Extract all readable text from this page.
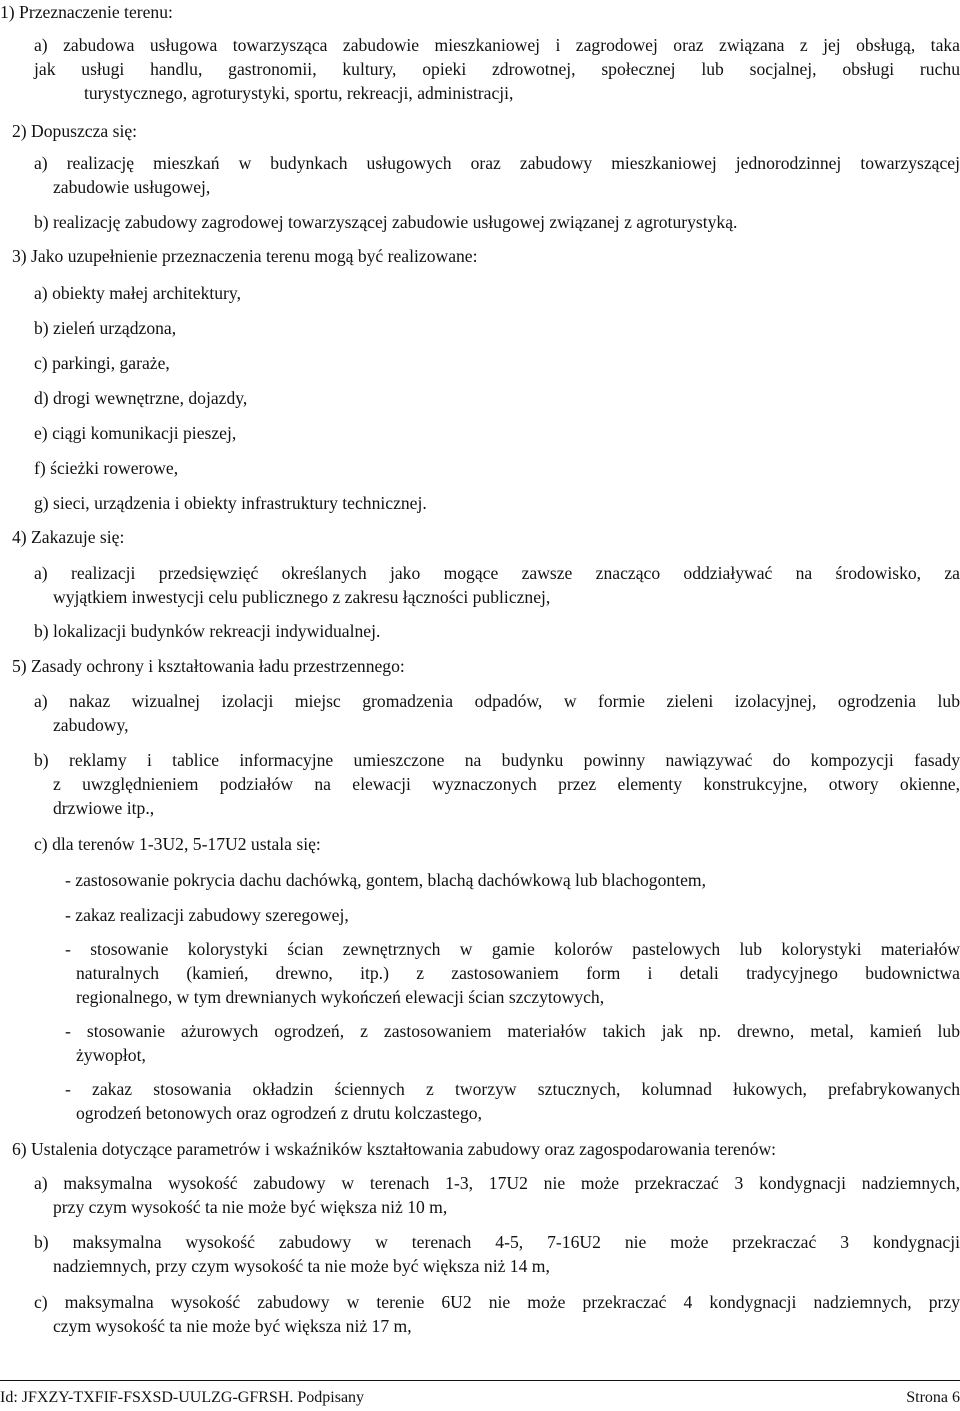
1) Przeznaczenie terenu:
a) zabudowa usługowa towarzysząca zabudowie mieszkaniowej i zagrodowej oraz związana z jej obsługą, taka
jak usługi handlu, gastronomii, kultury, opieki zdrowotnej, społecznej lub socjalnej, obsługi ruchu
turystycznego, agroturystyki, sportu, rekreacji, administracji,
2) Dopuszcza się:
a) realizację mieszkań w budynkach usługowych oraz zabudowy mieszkaniowej jednorodzinnej towarzyszącej
zabudowie usługowej,
b) realizację zabudowy zagrodowej towarzyszącej zabudowie usługowej związanej z agroturystyką.
3) Jako uzupełnienie przeznaczenia terenu mogą być realizowane:
a) obiekty małej architektury,
b) zieleń urządzona,
c) parkingi, garaże,
d) drogi wewnętrzne, dojazdy,
e) ciągi komunikacji pieszej,
f) ścieżki rowerowe,
g) sieci, urządzenia i obiekty infrastruktury technicznej.
4) Zakazuje się:
a) realizacji przedsięwzięć określanych jako mogące zawsze znacząco oddziaływać na środowisko, za
wyjątkiem inwestycji celu publicznego z zakresu łączności publicznej,
b) lokalizacji budynków rekreacji indywidualnej.
5) Zasady ochrony i kształtowania ładu przestrzennego:
a) nakaz wizualnej izolacji miejsc gromadzenia odpadów, w formie zieleni izolacyjnej, ogrodzenia lub
zabudowy,
b) reklamy i tablice informacyjne umieszczone na budynku powinny nawiązywać do kompozycji fasady
z uwzględnieniem podziałów na elewacji wyznaczonych przez elementy konstrukcyjne, otwory okienne,
drzwiowe itp.,
c) dla terenów 1-3U2, 5-17U2 ustala się:
- zastosowanie pokrycia dachu dachówką, gontem, blachą dachówkową lub blachogontem,
- zakaz realizacji zabudowy szeregowej,
- stosowanie kolorystyki ścian zewnętrznych w gamie kolorów pastelowych lub kolorystyki materiałów
naturalnych (kamień, drewno, itp.) z zastosowaniem form i detali tradycyjnego budownictwa
regionalnego, w tym drewnianych wykończeń elewacji ścian szczytowych,
- stosowanie ażurowych ogrodzeń, z zastosowaniem materiałów takich jak np. drewno, metal, kamień lub
żywopłot,
- zakaz stosowania okładzin ściennych z tworzyw sztucznych, kolumnad łukowych, prefabrykowanych
ogrodzeń betonowych oraz ogrodzeń z drutu kolczastego,
6) Ustalenia dotyczące parametrów i wskaźników kształtowania zabudowy oraz zagospodarowania terenów:
a) maksymalna wysokość zabudowy w terenach 1-3, 17U2 nie może przekraczać 3 kondygnacji nadziemnych,
przy czym wysokość ta nie może być większa niż 10 m,
b) maksymalna wysokość zabudowy w terenach 4-5, 7-16U2 nie może przekraczać 3 kondygnacji
nadziemnych, przy czym wysokość ta nie może być większa niż 14 m,
c) maksymalna wysokość zabudowy w terenie 6U2 nie może przekraczać 4 kondygnacji nadziemnych, przy
czym wysokość ta nie może być większa niż 17 m,
Id: JFXZY-TXFIF-FSXSD-UULZG-GFRSH. Podpisany	Strona 6
